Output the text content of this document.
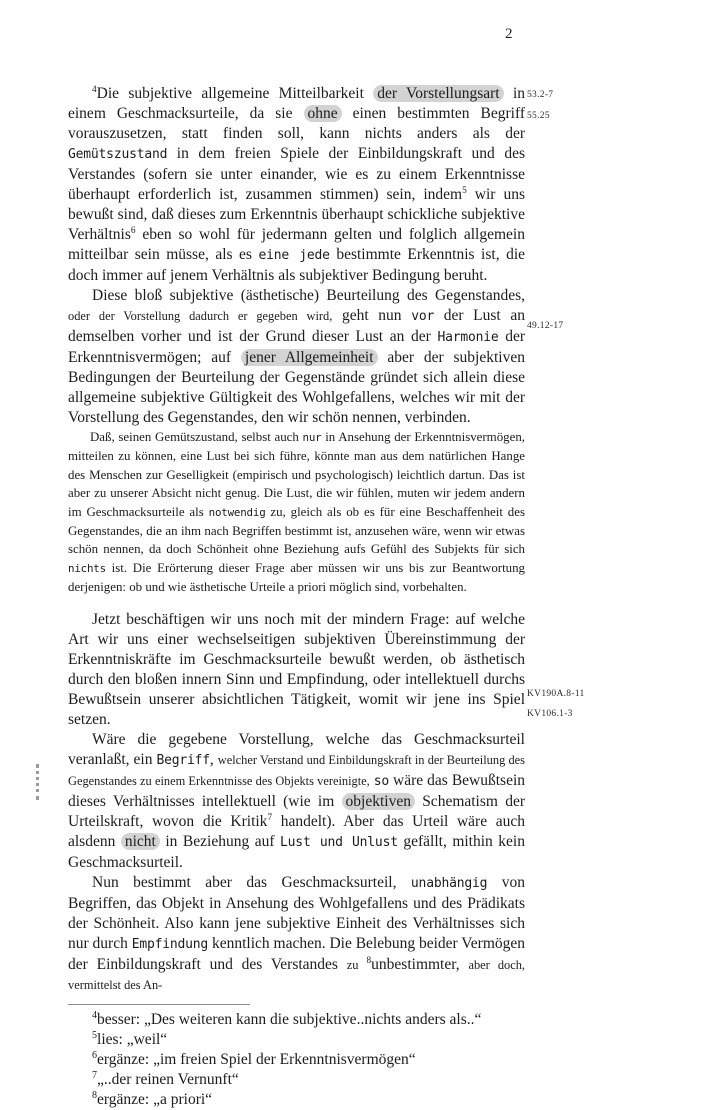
2

$^4$Die subjektive allgemeine Mitteilbarkeit der Vorstellungsart in einem Geschmacksurteile, da sie ohne einen bestimmten Begriff vorauszusetzen, statt finden soll, kann nichts anders als der Gemütszustand in dem freien Spiele der Einbildungskraft und des Verstandes (sofern sie unter einander, wie es zu einem Erkenntnisse überhaupt erforderlich ist, zusammen stimmen) sein, indem$^5$ wir uns bewußt sind, daß dieses zum Erkenntnis überhaupt schickliche subjektive Verhältnis$^6$ eben so wohl für jedermann gelten und folglich allgemein mitteilbar sein müsse, als es eine jede bestimmte Erkenntnis ist, die doch immer auf jenem Verhältnis als subjektiver Bedingung beruht.

Diese bloß subjektive (ästhetische) Beurteilung des Gegenstandes, oder der Vorstellung dadurch er gegeben wird, geht nun vor der Lust an demselben vorher und ist der Grund dieser Lust an der Harmonie der Erkenntnisvermögen; auf jener Allgemeinheit aber der subjektiven Bedingungen der Beurteilung der Gegenstände gründet sich allein diese allgemeine subjektive Gültigkeit des Wohlgefallens, welches wir mit der Vorstellung des Gegenstandes, den wir schön nennen, verbinden.

Daß, seinen Gemütszustand, selbst auch nur in Ansehung der Erkenntnisvermögen, mitteilen zu können, eine Lust bei sich führe, könnte man aus dem natürlichen Hange des Menschen zur Geselligkeit (empirisch und psychologisch) leichtlich dartun. Das ist aber zu unserer Absicht nicht genug. Die Lust, die wir fühlen, muten wir jedem andern im Geschmacksurteile als notwendig zu, gleich als ob es für eine Beschaffenheit des Gegenstandes, die an ihm nach Begriffen bestimmt ist, anzusehen wäre, wenn wir etwas schön nennen, da doch Schönheit ohne Beziehung aufs Gefühl des Subjekts für sich nichts ist. Die Erörterung dieser Frage aber müssen wir uns bis zur Beantwortung derjenigen: ob und wie ästhetische Urteile a priori möglich sind, vorbehalten.

Jetzt beschäftigen wir uns noch mit der mindern Frage: auf welche Art wir uns einer wechselseitigen subjektiven Übereinstimmung der Erkenntniskräfte im Geschmacksurteile bewußt werden, ob ästhetisch durch den bloßen innern Sinn und Empfindung, oder intellektuell durchs Bewußtsein unserer absichtlichen Tätigkeit, womit wir jene ins Spiel setzen.

Wäre die gegebene Vorstellung, welche das Geschmacksurteil veranlaßt, ein Begriff, welcher Verstand und Einbildungskraft in der Beurteilung des Gegenstandes zu einem Erkenntnisse des Objekts vereinigte, so wäre das Bewußtsein dieses Verhältnisses intellektuell (wie im objektiven Schematism der Urteilskraft, wovon die Kritik$^7$ handelt). Aber das Urteil wäre auch alsdenn nicht in Beziehung auf Lust und Unlust gefällt, mithin kein Geschmacksurteil.

Nun bestimmt aber das Geschmacksurteil, unabhängig von Begriffen, das Objekt in Ansehung des Wohlgefallens und des Prädikats der Schönheit. Also kann jene subjektive Einheit des Verhältnisses sich nur durch Empfindung kenntlich machen. Die Belebung beider Vermögen der Einbildungskraft und des Verstandes zu $^8$unbestimmter, aber doch, vermittelst des An-

$^4$besser: „Des weiteren kann die subjektive..nichts anders als..“

$^5$lies: „weil“

$^6$ergänze: „im freien Spiel der Erkenntnisvermögen“

$^7$„..der reinen Vernunft“

$^8$ergänze: „a priori“

53.2-7
55.25
49.12-17
KV190A.8-11
KV106.1-3
